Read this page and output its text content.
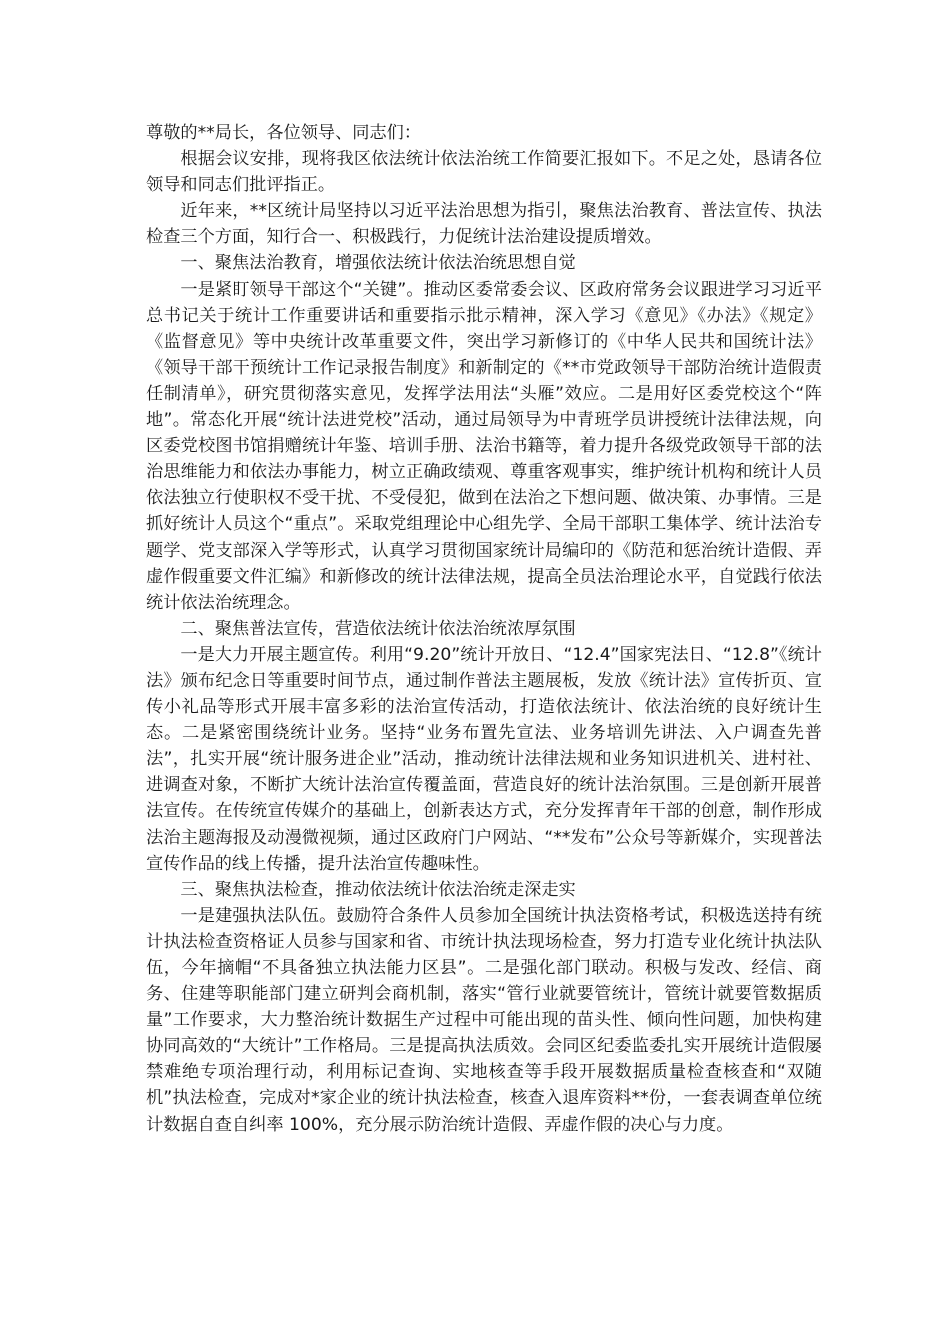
尊敬的**局长，各位领导、同志们：

根据会议安排，现将我区依法统计依法治统工作简要汇报如下。不足之处，恳请各位领导和同志们批评指正。

近年来，**区统计局坚持以习近平法治思想为指引，聚焦法治教育、普法宣传、执法检查三个方面，知行合一、积极践行，力促统计法治建设提质增效。

一、聚焦法治教育，增强依法统计依法治统思想自觉

一是紧盯领导干部这个“关键”。推动区委常委会议、区政府常务会议跟进学习习近平总书记关于统计工作重要讲话和重要指示批示精神，深入学习《意见》《办法》《规定》《监督意见》等中央统计改革重要文件，突出学习新修订的《中华人民共和国统计法》《领导干部干预统计工作记录报告制度》和新制定的《**市党政领导干部防治统计造假责任制清单》，研究贯彻落实意见，发挥学法用法“头雁”效应。二是用好区委党校这个“阵地”。常态化开展“统计法进党校”活动，通过局领导为中青班学员讲授统计法律法规，向区委党校图书馆捐赠统计年鉴、培训手册、法治书籍等，着力提升各级党政领导干部的法治思维能力和依法办事能力，树立正确政绩观、尊重客观事实，维护统计机构和统计人员依法独立行使职权不受干扰、不受侵犯，做到在法治之下想问题、做决策、办事情。三是抓好统计人员这个“重点”。采取党组理论中心组先学、全局干部职工集体学、统计法治专题学、党支部深入学等形式，认真学习贯彻国家统计局编印的《防范和惩治统计造假、弄虚作假重要文件汇编》和新修改的统计法律法规，提高全员法治理论水平，自觉践行依法统计依法治统理念。

二、聚焦普法宣传，营造依法统计依法治统浓厚氛围

一是大力开展主题宣传。利用“9.20”统计开放日、“12.4”国家宪法日、“12.8”《统计法》颁布纪念日等重要时间节点，通过制作普法主题展板，发放《统计法》宣传折页、宣传小礼品等形式开展丰富多彩的法治宣传活动，打造依法统计、依法治统的良好统计生态。二是紧密围绕统计业务。坚持“业务布置先宣法、业务培训先讲法、入户调查先普法”，扎实开展“统计服务进企业”活动，推动统计法律法规和业务知识进机关、进村社、进调查对象，不断扩大统计法治宣传覆盖面，营造良好的统计法治氛围。三是创新开展普法宣传。在传统宣传媒介的基础上，创新表达方式，充分发挥青年干部的创意，制作形成法治主题海报及动漫微视频，通过区政府门户网站、“**发布”公众号等新媒介，实现普法宣传作品的线上传播，提升法治宣传趣味性。

三、聚焦执法检查，推动依法统计依法治统走深走实

一是建强执法队伍。鼓励符合条件人员参加全国统计执法资格考试，积极选送持有统计执法检查资格证人员参与国家和省、市统计执法现场检查，努力打造专业化统计执法队伍，今年摘帽“不具备独立执法能力区县”。二是强化部门联动。积极与发改、经信、商务、住建等职能部门建立研判会商机制，落实“管行业就要管统计，管统计就要管数据质量”工作要求，大力整治统计数据生产过程中可能出现的苗头性、倾向性问题，加快构建协同高效的“大统计”工作格局。三是提高执法质效。会同区纪委监委扎实开展统计造假屡禁难绝专项治理行动，利用标记查询、实地核查等手段开展数据质量检查核查和“双随机”执法检查，完成对*家企业的统计执法检查，核查入退库资料**份，一套表调查单位统计数据自查自纠率 100%，充分展示防治统计造假、弄虚作假的决心与力度。
